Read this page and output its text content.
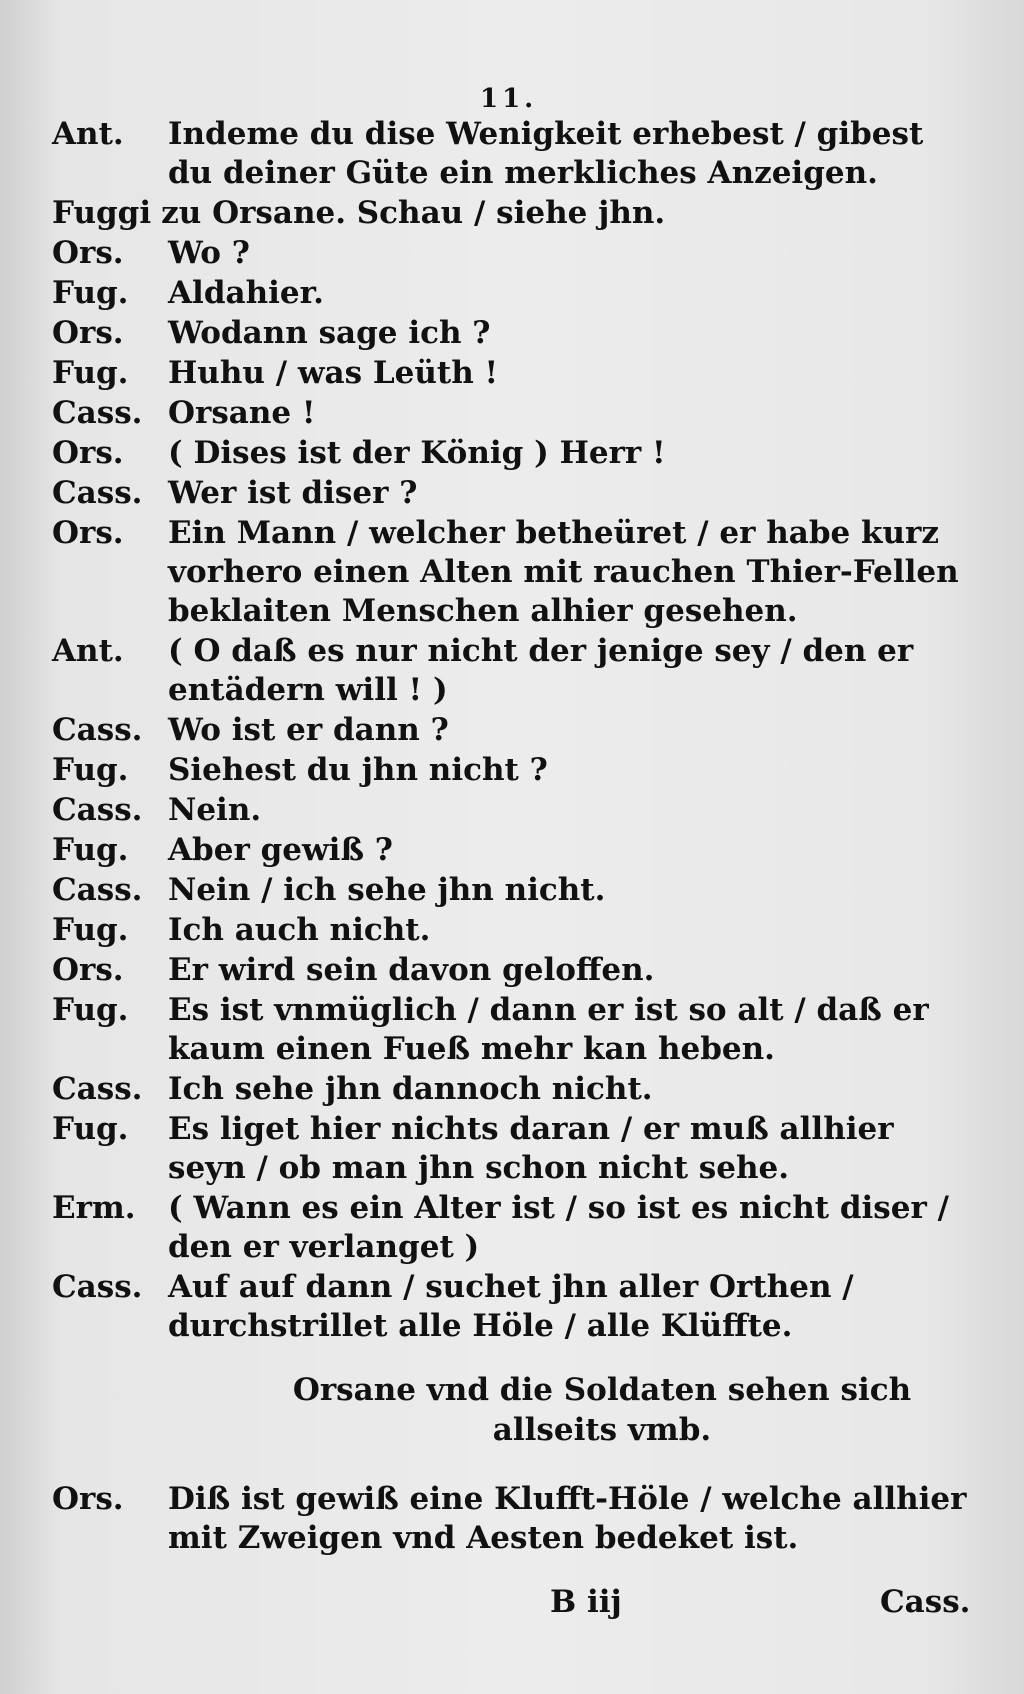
11.
Ant.	Indeme du dise Wenigkeit erhebest / gibest du deiner Güte ein merkliches Anzeigen.
Fuggi zu Orsane. Schau / siehe jhn.
Ors.	Wo ?
Fug.	Aldahier.
Ors.	Wodann sage ich ?
Fug.	Huhu / was Leüth !
Cass. Orsane !
Ors.	( Dises ist der König ) Herr !
Cass. Wer ist diser ?
Ors.	Ein Mann / welcher betheüret / er habe kurz vorhero einen Alten mit rauchen Thier-Fellen beklaiten Menschen alhier gesehen.
Ant.	( O daß es nur nicht der jenige sey / den er entädern will ! )
Cass. Wo ist er dann ?
Fug.	Siehest du jhn nicht ?
Cass. Nein.
Fug.	Aber gewiß ?
Cass. Nein / ich sehe jhn nicht.
Fug.	Ich auch nicht.
Ors.	Er wird sein davon geloffen.
Fug.	Es ist vnmüglich / dann er ist so alt / daß er kaum einen Fueß mehr kan heben.
Cass. Ich sehe jhn dannoch nicht.
Fug.	Es liget hier nichts daran / er muß allhier seyn / ob man jhn schon nicht sehe.
Erm.	( Wann es ein Alter ist / so ist es nicht diser / den er verlanget )
Cass. Auf auf dann / suchet jhn aller Orthen / durchstrillet alle Höle / alle Klüffte.
Orsane vnd die Soldaten sehen sich allseits vmb.
Ors.	Diß ist gewiß eine Klufft-Höle / welche allhier mit Zweigen vnd Aesten bedeket ist.
B iij	Cass.
